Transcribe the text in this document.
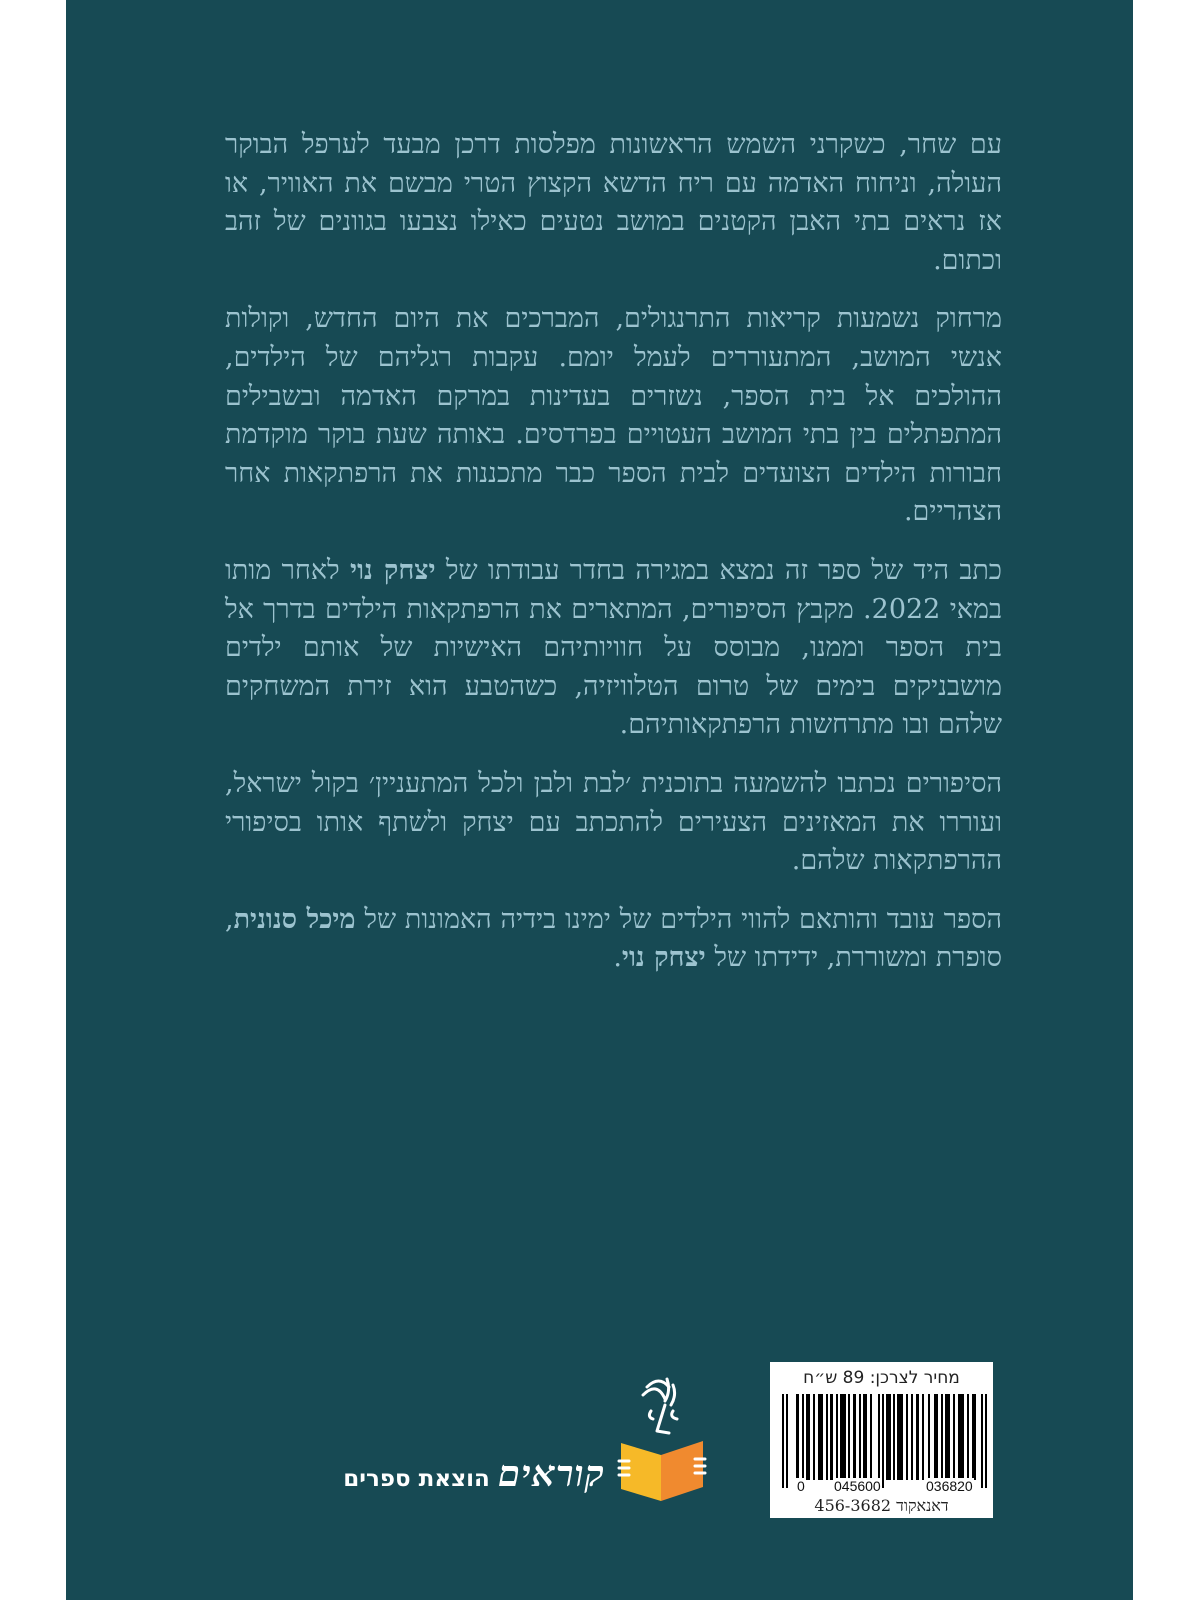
עם שחר, כשקרני השמש הראשונות מפלסות דרכן מבעד לערפל הבוקר העולה, וניחוח האדמה עם ריח הדשא הקצוץ הטרי מבשם את האוויר, או אז נראים בתי האבן הקטנים במושב נטעים כאילו נצבעו בגוונים של זהב וכתום.

מרחוק נשמעות קריאות התרנגולים, המברכים את היום החדש, וקולות אנשי המושב, המתעוררים לעמל יומם. עקבות רגליהם של הילדים, ההולכים אל בית הספר, נשזרים בעדינות במרקם האדמה ובשבילים המתפתלים בין בתי המושב העטויים בפרדסים. באותה שעת בוקר מוקדמת חבורות הילדים הצועדים לבית הספר כבר מתכננות את הרפתקאות אחר הצהריים.

כתב היד של ספר זה נמצא במגירה בחדר עבודתו של יצחק נוי לאחר מותו במאי 2022. מקבץ הסיפורים, המתארים את הרפתקאות הילדים בדרך אל בית הספר וממנו, מבוסס על חוויותיהם האישיות של אותם ילדים מושבניקים בימים של טרום הטלוויזיה, כשהטבע הוא זירת המשחקים שלהם ובו מתרחשות הרפתקאותיהם.

הסיפורים נכתבו להשמעה בתוכנית ׳לבת ולבן ולכל המתעניין׳ בקול ישראל, ועוררו את המאזינים הצעירים להתכתב עם יצחק ולשתף אותו בסיפורי ההרפתקאות שלהם.

הספר עובד והותאם להווי הילדים של ימינו בידיה האמונות של מיכל סנונית, סופרת ומשוררת, ידידתו של יצחק נוי.

קוראים הוצאת ספרים
מחיר לצרכן: 89 ש״ח
0 045600	036820
דאנאקוד 456-3682
